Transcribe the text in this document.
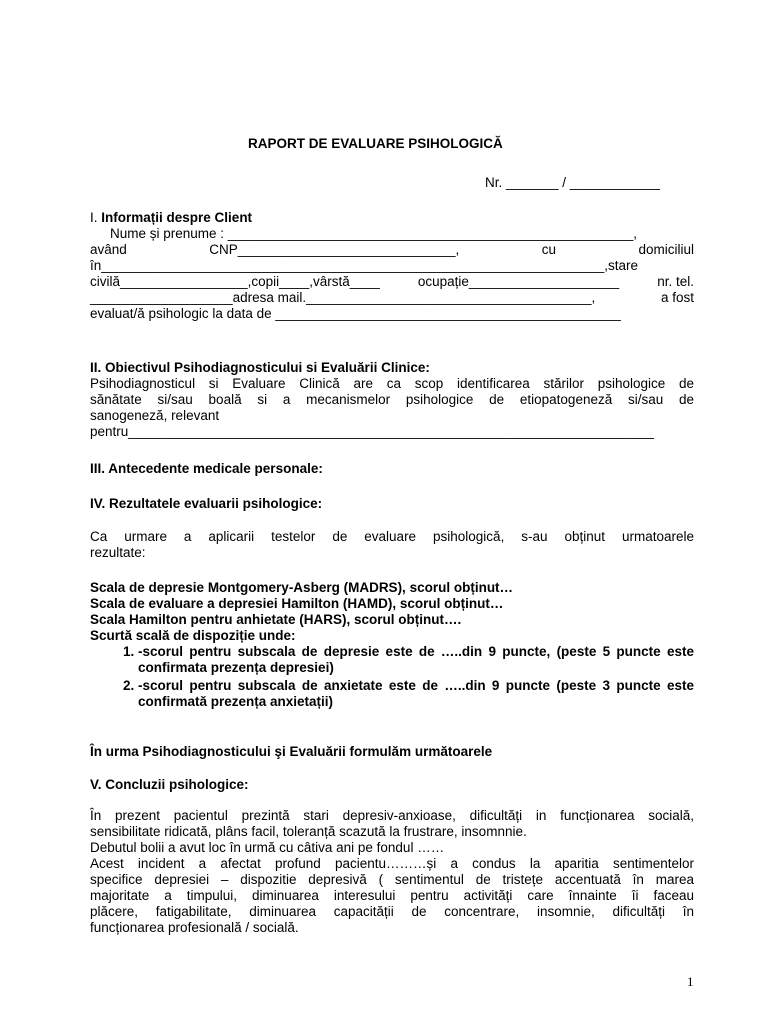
RAPORT DE EVALUARE PSIHOLOGICĂ
Nr. _______ / ____________
I. Informații despre Client
Nume și prenume : ______________________________________________________,
având	CNP_____________________________,	cu	domiciliul
în___________________________________________________________________,stare
civilă_________________,copii____,vârstă____	ocupație____________________	nr. tel.
___________________adresa mail.______________________________________,	a fost
evaluat/ă psihologic la data de ______________________________________________
II. Obiectivul Psihodiagnosticului si Evaluării Clinice:
Psihodiagnosticul si Evaluare Clinică are ca scop identificarea stărilor psihologice de
sănătate si/sau boală si a mecanismelor psihologice de etiopatogeneză si/sau de
sanogeneză, relevant
pentru______________________________________________________________________
III. Antecedente medicale personale:
IV. Rezultatele evaluarii psihologice:
Ca urmare a aplicarii testelor de evaluare psihologică, s-au obținut urmatoarele
rezultate:
Scala de depresie Montgomery-Asberg (MADRS), scorul obținut…
Scala de evaluare a depresiei Hamilton (HAMD), scorul obținut…
Scala Hamilton pentru anhietate (HARS), scorul obținut….
Scurtă scală de dispoziție unde:
1. -scorul pentru subscala de depresie este de …..din 9 puncte, (peste 5 puncte este confirmata prezența depresiei)
2. -scorul pentru subscala de anxietate este de …..din 9 puncte (peste 3 puncte este confirmată prezența anxietații)
În urma Psihodiagnosticului şi Evaluării formulăm următoarele
V. Concluzii psihologice:
În prezent pacientul prezintă stari depresiv-anxioase, dificultăți in funcționarea socială,
sensibilitate ridicată, plâns facil, toleranță scazută la frustrare, insomnnie.
Debutul bolii a avut loc în urmă cu câtiva ani pe fondul ……
Acest incident a afectat profund pacientu………și a condus la aparitia sentimentelor
specifice depresiei – dispozitie depresivă ( sentimentul de tristețe accentuată în marea
majoritate a timpului, diminuarea interesului pentru activități care înnainte îi faceau
plăcere, fatigabilitate, diminuarea capacității de concentrare, insomnie, dificultăți în
funcționarea profesională / socială.
1
